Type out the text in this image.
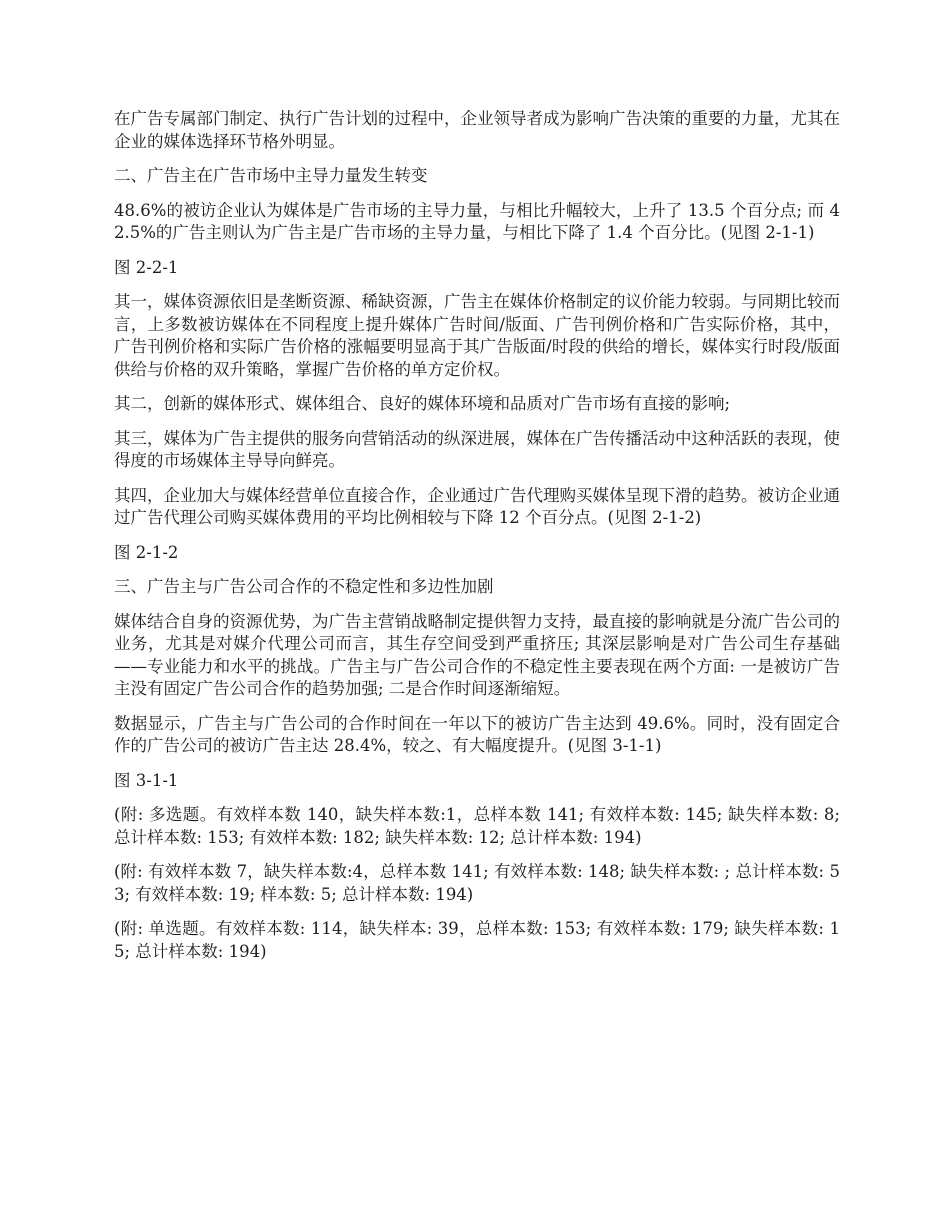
在广告专属部门制定、执行广告计划的过程中，企业领导者成为影响广告决策的重要的力量，尤其在企业的媒体选择环节格外明显。

二、广告主在广告市场中主导力量发生转变

48.6%的被访企业认为媒体是广告市场的主导力量，与相比升幅较大，上升了 13.5 个百分点; 而 42.5%的广告主则认为广告主是广告市场的主导力量，与相比下降了 1.4 个百分比。(见图 2-1-1)

图 2-2-1

其一，媒体资源依旧是垄断资源、稀缺资源，广告主在媒体价格制定的议价能力较弱。与同期比较而言，上多数被访媒体在不同程度上提升媒体广告时间/版面、广告刊例价格和广告实际价格，其中，广告刊例价格和实际广告价格的涨幅要明显高于其广告版面/时段的供给的增长，媒体实行时段/版面供给与价格的双升策略，掌握广告价格的单方定价权。

其二，创新的媒体形式、媒体组合、良好的媒体环境和品质对广告市场有直接的影响;

其三，媒体为广告主提供的服务向营销活动的纵深进展，媒体在广告传播活动中这种活跃的表现，使得度的市场媒体主导导向鲜亮。

其四，企业加大与媒体经营单位直接合作，企业通过广告代理购买媒体呈现下滑的趋势。被访企业通过广告代理公司购买媒体费用的平均比例相较与下降 12 个百分点。(见图 2-1-2)

图 2-1-2

三、广告主与广告公司合作的不稳定性和多边性加剧

媒体结合自身的资源优势，为广告主营销战略制定提供智力支持，最直接的影响就是分流广告公司的业务，尤其是对媒介代理公司而言，其生存空间受到严重挤压; 其深层影响是对广告公司生存基础——专业能力和水平的挑战。广告主与广告公司合作的不稳定性主要表现在两个方面: 一是被访广告主没有固定广告公司合作的趋势加强; 二是合作时间逐渐缩短。

数据显示，广告主与广告公司的合作时间在一年以下的被访广告主达到 49.6%。同时，没有固定合作的广告公司的被访广告主达 28.4%，较之、有大幅度提升。(见图 3-1-1)

图 3-1-1

(附: 多选题。有效样本数 140，缺失样本数:1，总样本数 141; 有效样本数: 145; 缺失样本数: 8; 总计样本数: 153; 有效样本数: 182; 缺失样本数: 12; 总计样本数: 194)

(附: 有效样本数 7，缺失样本数:4，总样本数 141; 有效样本数: 148; 缺失样本数: ; 总计样本数: 53; 有效样本数: 19; 样本数: 5; 总计样本数: 194)

(附: 单选题。有效样本数: 114，缺失样本: 39，总样本数: 153; 有效样本数: 179; 缺失样本数: 15; 总计样本数: 194)
